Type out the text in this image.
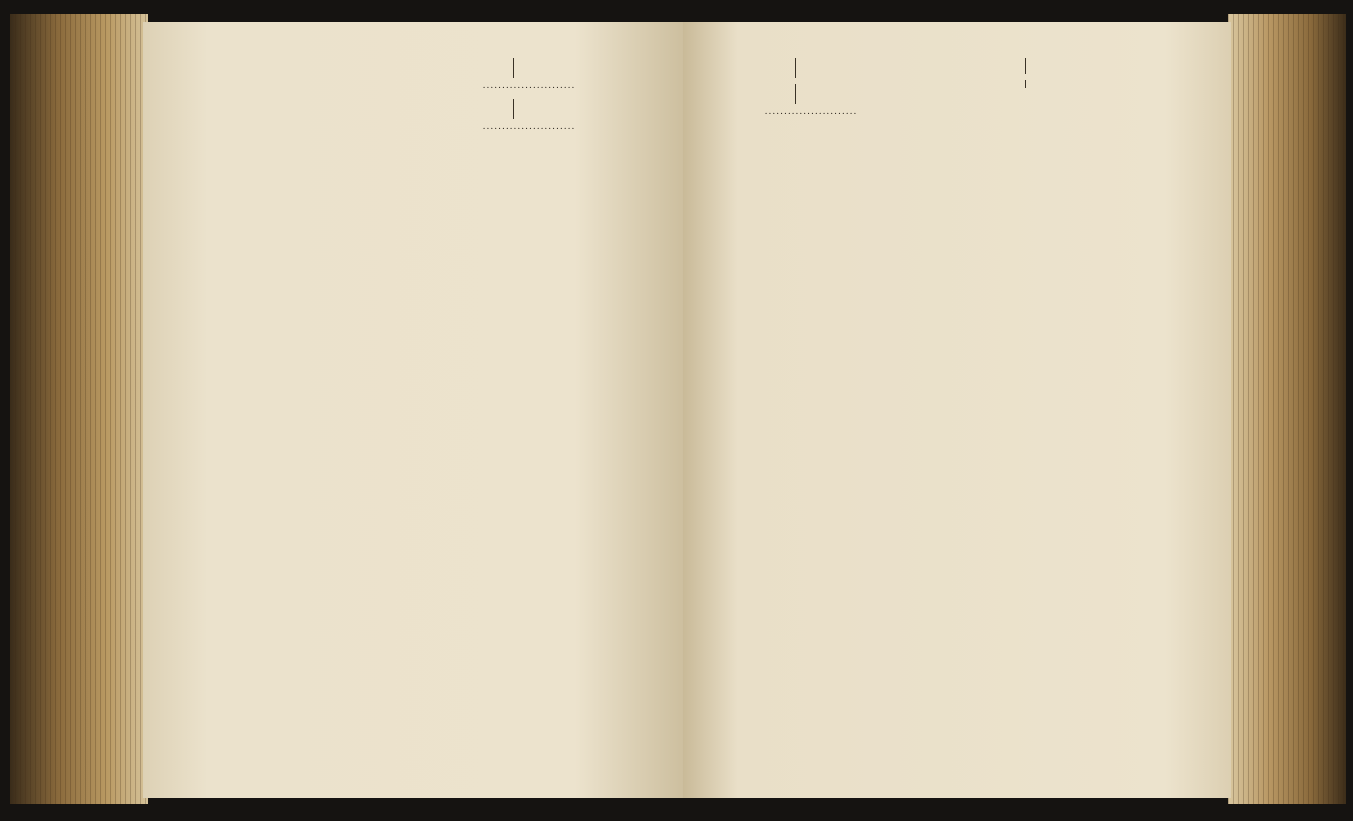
........................

........................

........................
